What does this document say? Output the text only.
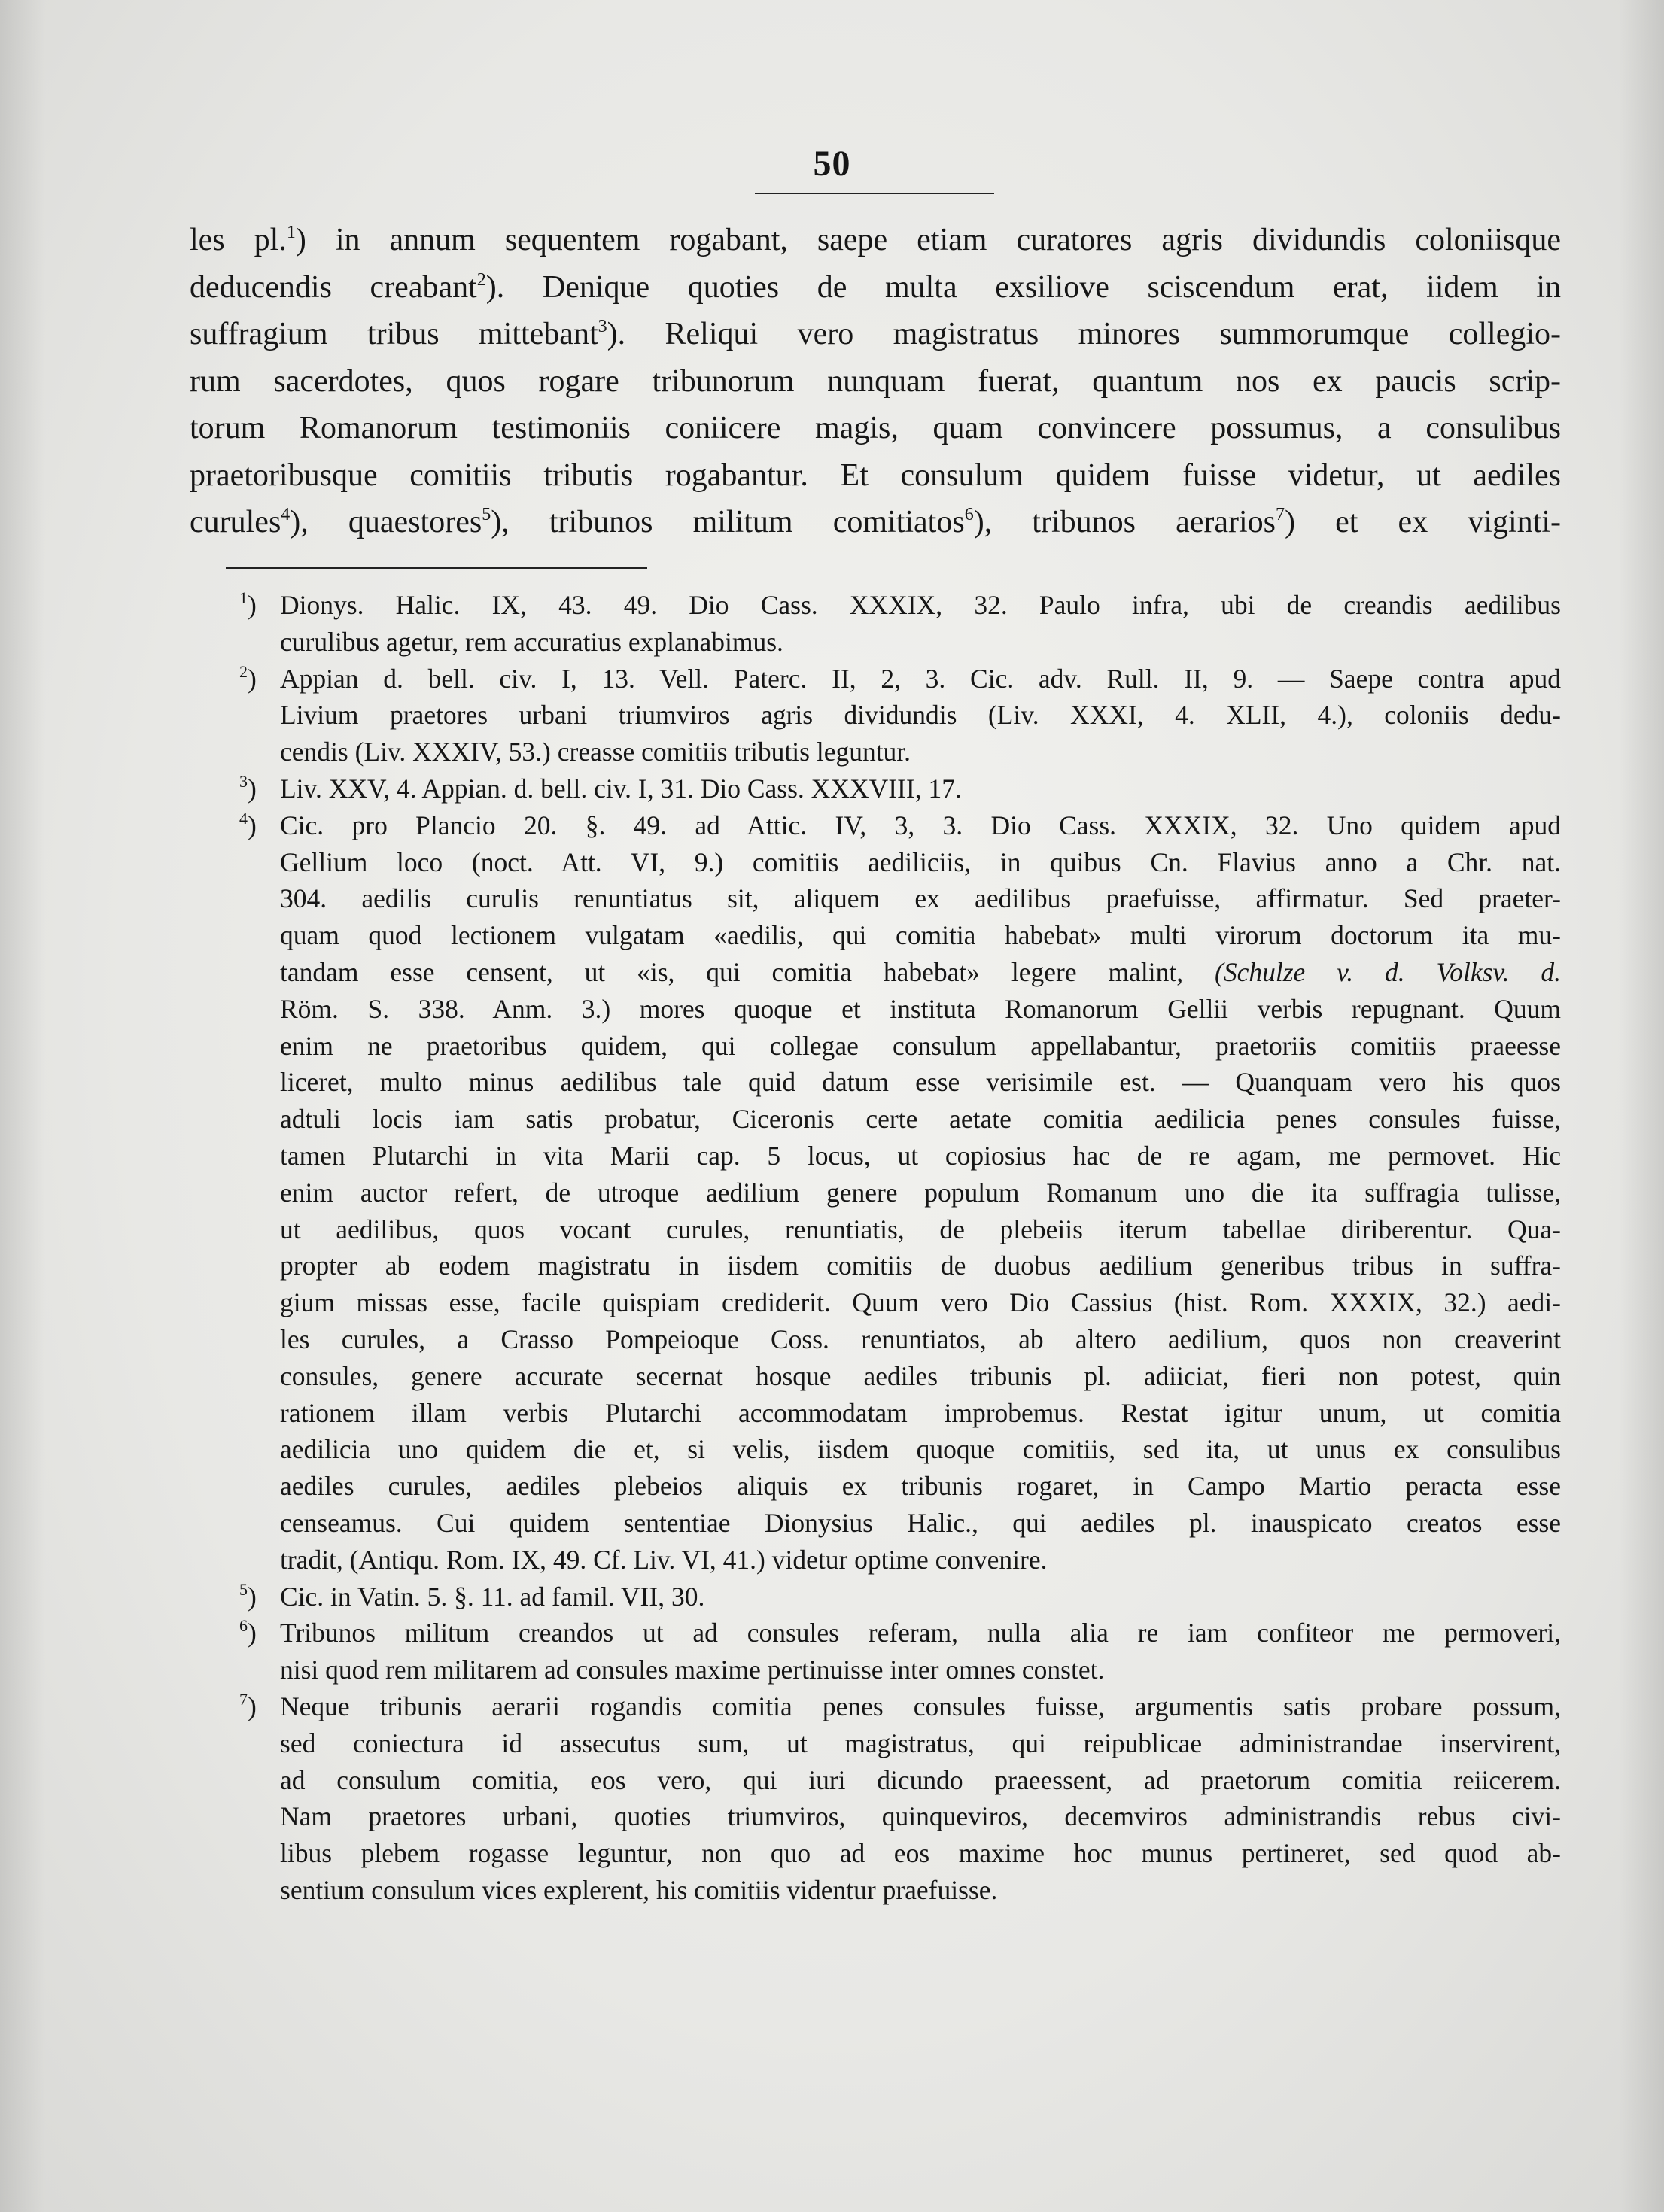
50
les pl.$^1$) in annum sequentem rogabant, saepe etiam curatores agris dividundis coloniisque
deducendis creabant$^2$). Denique quoties de multa exsiliove sciscendum erat, iidem in
suffragium tribus mittebant$^3$). Reliqui vero magistratus minores summorumque collegio-
rum sacerdotes, quos rogare tribunorum nunquam fuerat, quantum nos ex paucis scrip-
torum Romanorum testimoniis coniicere magis, quam convincere possumus, a consulibus
praetoribusque comitiis tributis rogabantur. Et consulum quidem fuisse videtur, ut aediles
curules$^4$), quaestores$^5$), tribunos militum comitiatos$^6$), tribunos aerarios$^7$) et ex viginti-
$^1$) Dionys. Halic. IX, 43. 49. Dio Cass. XXXIX, 32. Paulo infra, ubi de creandis aedilibus
curulibus agetur, rem accuratius explanabimus.
$^2$) Appian d. bell. civ. I, 13. Vell. Paterc. II, 2, 3. Cic. adv. Rull. II, 9. — Saepe contra apud
Livium praetores urbani triumviros agris dividundis (Liv. XXXI, 4. XLII, 4.), coloniis dedu-
cendis (Liv. XXXIV, 53.) creasse comitiis tributis leguntur.
$^3$) Liv. XXV, 4. Appian. d. bell. civ. I, 31. Dio Cass. XXXVIII, 17.
$^4$) Cic. pro Plancio 20. §. 49. ad Attic. IV, 3, 3. Dio Cass. XXXIX, 32. Uno quidem apud
Gellium loco (noct. Att. VI, 9.) comitiis aediliciis, in quibus Cn. Flavius anno a Chr. nat.
304. aedilis curulis renuntiatus sit, aliquem ex aedilibus praefuisse, affirmatur. Sed praeter-
quam quod lectionem vulgatam «aedilis, qui comitia habebat» multi virorum doctorum ita mu-
tandam esse censent, ut «is, qui comitia habebat» legere malint, (Schulze v. d. Volksv. d.
Röm. S. 338. Anm. 3.) mores quoque et instituta Romanorum Gellii verbis repugnant. Quum
enim ne praetoribus quidem, qui collegae consulum appellabantur, praetoriis comitiis praeesse
liceret, multo minus aedilibus tale quid datum esse verisimile est. — Quanquam vero his quos
adtuli locis iam satis probatur, Ciceronis certe aetate comitia aedilicia penes consules fuisse,
tamen Plutarchi in vita Marii cap. 5 locus, ut copiosius hac de re agam, me permovet. Hic
enim auctor refert, de utroque aedilium genere populum Romanum uno die ita suffragia tulisse,
ut aedilibus, quos vocant curules, renuntiatis, de plebeiis iterum tabellae diriberentur. Qua-
propter ab eodem magistratu in iisdem comitiis de duobus aedilium generibus tribus in suffra-
gium missas esse, facile quispiam crediderit. Quum vero Dio Cassius (hist. Rom. XXXIX, 32.) aedi-
les curules, a Crasso Pompeioque Coss. renuntiatos, ab altero aedilium, quos non creaverint
consules, genere accurate secernat hosque aediles tribunis pl. adiiciat, fieri non potest, quin
rationem illam verbis Plutarchi accommodatam improbemus. Restat igitur unum, ut comitia
aedilicia uno quidem die et, si velis, iisdem quoque comitiis, sed ita, ut unus ex consulibus
aediles curules, aediles plebeios aliquis ex tribunis rogaret, in Campo Martio peracta esse
censeamus. Cui quidem sententiae Dionysius Halic., qui aediles pl. inauspicato creatos esse
tradit, (Antiqu. Rom. IX, 49. Cf. Liv. VI, 41.) videtur optime convenire.
$^5$) Cic. in Vatin. 5. §. 11. ad famil. VII, 30.
$^6$) Tribunos militum creandos ut ad consules referam, nulla alia re iam confiteor me permoveri,
nisi quod rem militarem ad consules maxime pertinuisse inter omnes constet.
$^7$) Neque tribunis aerarii rogandis comitia penes consules fuisse, argumentis satis probare possum,
sed coniectura id assecutus sum, ut magistratus, qui reipublicae administrandae inservirent,
ad consulum comitia, eos vero, qui iuri dicundo praeessent, ad praetorum comitia reiicerem.
Nam praetores urbani, quoties triumviros, quinqueviros, decemviros administrandis rebus civi-
libus plebem rogasse leguntur, non quo ad eos maxime hoc munus pertineret, sed quod ab-
sentium consulum vices explerent, his comitiis videntur praefuisse.
